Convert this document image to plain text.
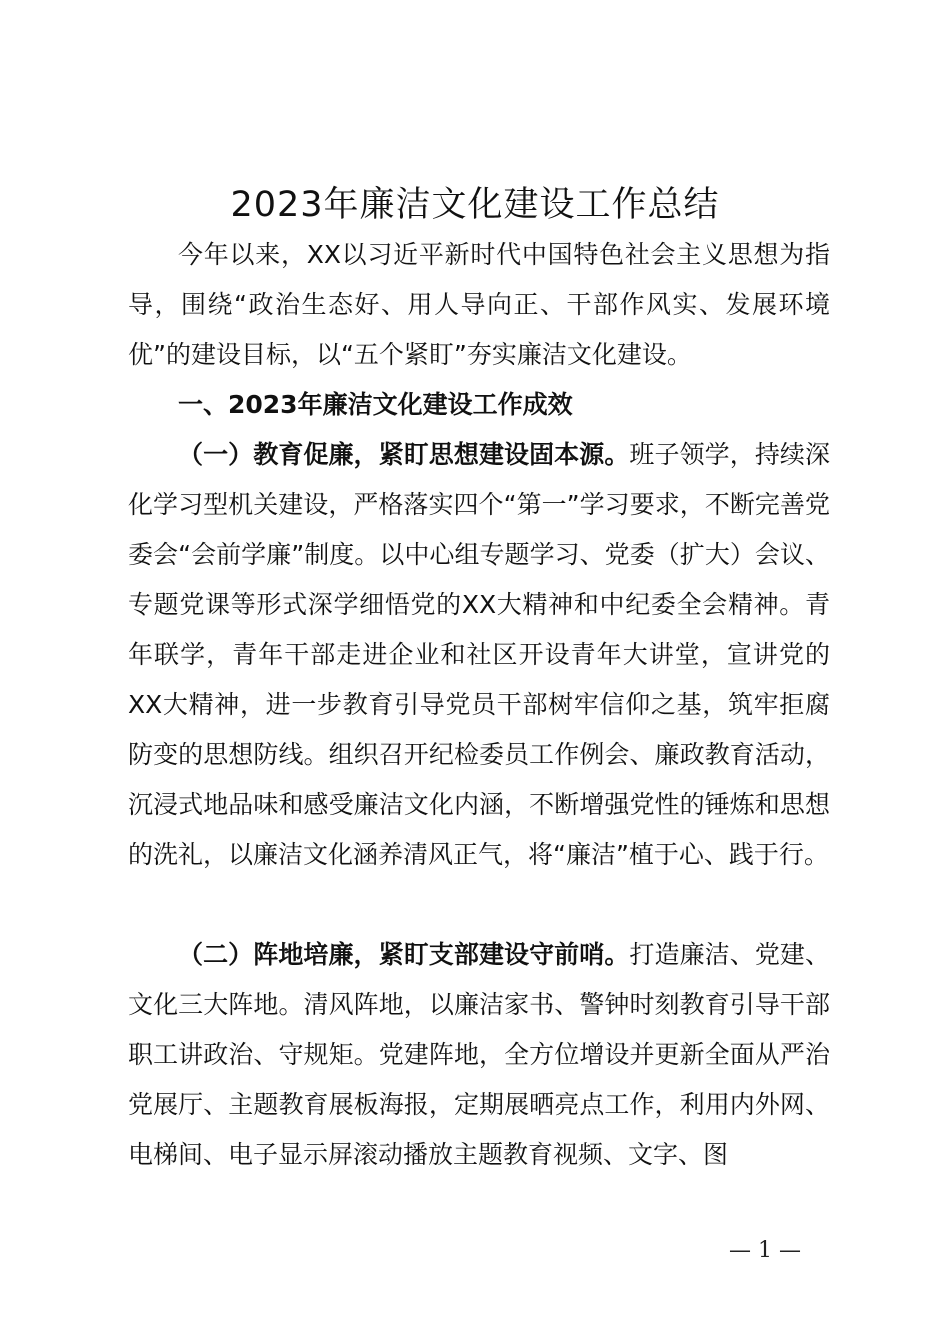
2023年廉洁文化建设工作总结
今年以来，XX以习近平新时代中国特色社会主义思想为指导，围绕“政治生态好、用人导向正、干部作风实、发展环境优”的建设目标，以“五个紧盯”夯实廉洁文化建设。
一、2023年廉洁文化建设工作成效
（一）教育促廉，紧盯思想建设固本源。班子领学，持续深化学习型机关建设，严格落实四个“第一”学习要求，不断完善党委会“会前学廉”制度。以中心组专题学习、党委（扩大）会议、专题党课等形式深学细悟党的XX大精神和中纪委全会精神。青年联学，青年干部走进企业和社区开设青年大讲堂，宣讲党的XX大精神，进一步教育引导党员干部树牢信仰之基，筑牢拒腐防变的思想防线。组织召开纪检委员工作例会、廉政教育活动，沉浸式地品味和感受廉洁文化内涵，不断增强党性的锤炼和思想的洗礼，以廉洁文化涵养清风正气，将“廉洁”植于心、践于行。
（二）阵地培廉，紧盯支部建设守前哨。打造廉洁、党建、文化三大阵地。清风阵地，以廉洁家书、警钟时刻教育引导干部职工讲政治、守规矩。党建阵地，全方位增设并更新全面从严治党展厅、主题教育展板海报，定期展晒亮点工作，利用内外网、电梯间、电子显示屏滚动播放主题教育视频、文字、图
— 1 —
